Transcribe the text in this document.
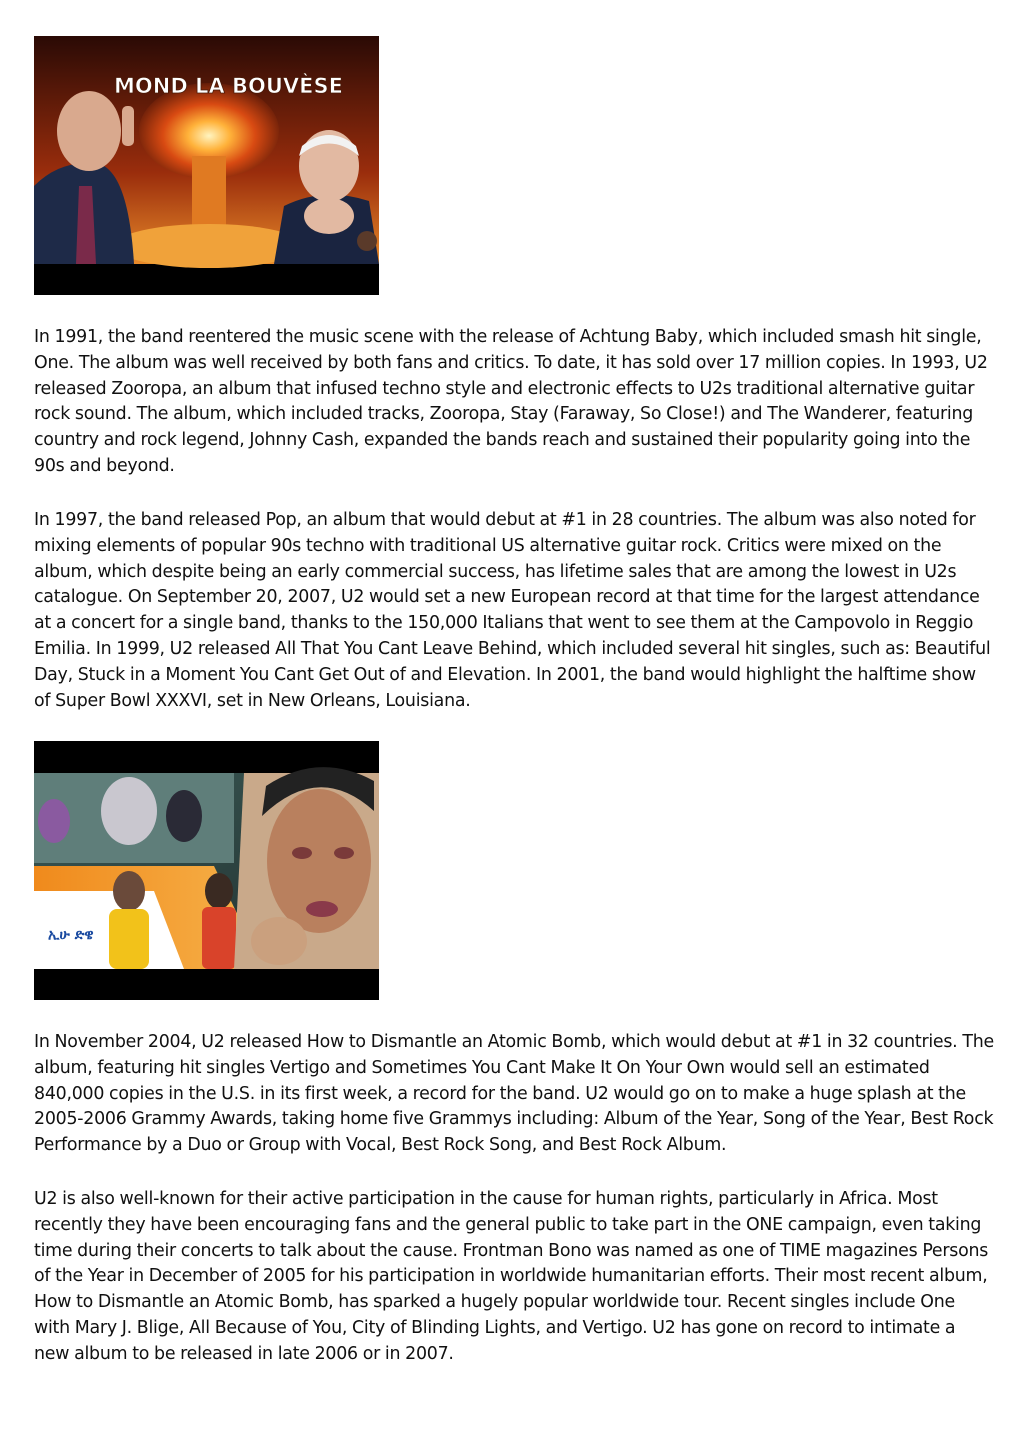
MOND LA BOUVÈSE

In 1991, the band reentered the music scene with the release of Achtung Baby, which included smash hit single, One. The album was well received by both fans and critics. To date, it has sold over 17 million copies. In 1993, U2 released Zooropa, an album that infused techno style and electronic effects to U2s traditional alternative guitar rock sound. The album, which included tracks, Zooropa, Stay (Faraway, So Close!) and The Wanderer, featuring country and rock legend, Johnny Cash, expanded the bands reach and sustained their popularity going into the 90s and beyond.

In 1997, the band released Pop, an album that would debut at #1 in 28 countries. The album was also noted for mixing elements of popular 90s techno with traditional US alternative guitar rock. Critics were mixed on the album, which despite being an early commercial success, has lifetime sales that are among the lowest in U2s catalogue. On September 20, 2007, U2 would set a new European record at that time for the largest attendance at a concert for a single band, thanks to the 150,000 Italians that went to see them at the Campovolo in Reggio Emilia. In 1999, U2 released All That You Cant Leave Behind, which included several hit singles, such as: Beautiful Day, Stuck in a Moment You Cant Get Out of and Elevation. In 2001, the band would highlight the halftime show of Super Bowl XXXVI, set in New Orleans, Louisiana.

ኢሁ ድዌ

In November 2004, U2 released How to Dismantle an Atomic Bomb, which would debut at #1 in 32 countries. The album, featuring hit singles Vertigo and Sometimes You Cant Make It On Your Own would sell an estimated 840,000 copies in the U.S. in its first week, a record for the band. U2 would go on to make a huge splash at the 2005-2006 Grammy Awards, taking home five Grammys including: Album of the Year, Song of the Year, Best Rock Performance by a Duo or Group with Vocal, Best Rock Song, and Best Rock Album.

U2 is also well-known for their active participation in the cause for human rights, particularly in Africa. Most recently they have been encouraging fans and the general public to take part in the ONE campaign, even taking time during their concerts to talk about the cause. Frontman Bono was named as one of TIME magazines Persons of the Year in December of 2005 for his participation in worldwide humanitarian efforts. Their most recent album, How to Dismantle an Atomic Bomb, has sparked a hugely popular worldwide tour. Recent singles include One with Mary J. Blige, All Because of You, City of Blinding Lights, and Vertigo. U2 has gone on record to intimate a new album to be released in late 2006 or in 2007.
